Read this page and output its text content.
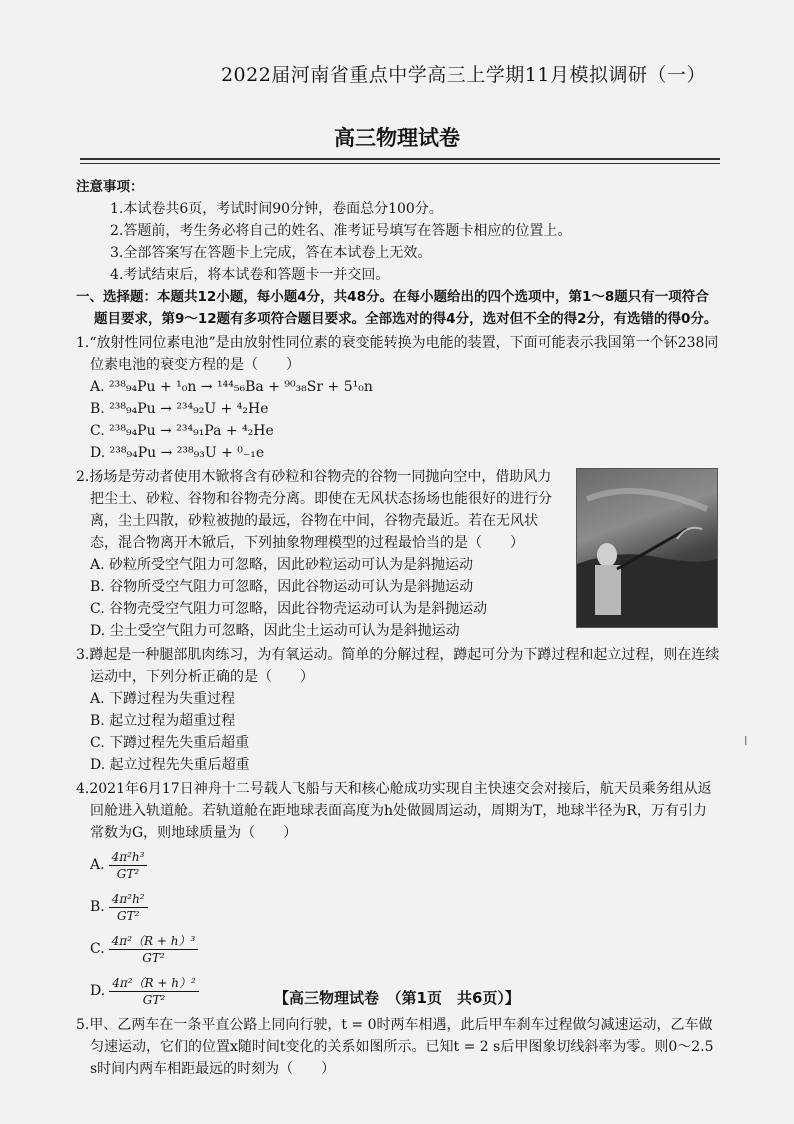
2022届河南省重点中学高三上学期11月模拟调研（一）
高三物理试卷
注意事项：
1.本试卷共6页，考试时间90分钟，卷面总分100分。
2.答题前，考生务必将自己的姓名、准考证号填写在答题卡相应的位置上。
3.全部答案写在答题卡上完成，答在本试卷上无效。
4.考试结束后，将本试卷和答题卡一并交回。
一、选择题：本题共12小题，每小题4分，共48分。在每小题给出的四个选项中，第1～8题只有一项符合题目要求，第9～12题有多项符合题目要求。全部选对的得4分，选对但不全的得2分，有选错的得0分。
1.“放射性同位素电池”是由放射性同位素的衰变能转换为电能的装置，下面可能表示我国第一个钚238同位素电池的衰变方程的是（　　）
A. ²³⁸₉₄Pu + ¹₀n → ¹⁴⁴₅₆Ba + ⁹⁰₃₈Sr + 5¹₀n
B. ²³⁸₉₄Pu → ²³⁴₉₂U + ⁴₂He
C. ²³⁸₉₄Pu → ²³⁴₉₁Pa + ⁴₂He
D. ²³⁸₉₄Pu → ²³⁸₉₃U + ⁰₋₁e
2.扬场是劳动者使用木锨将含有砂粒和谷物壳的谷物一同抛向空中，借助风力把尘土、砂粒、谷物和谷物壳分离。即使在无风状态扬场也能很好的进行分离，尘土四散，砂粒被抛的最远，谷物在中间，谷物壳最近。若在无风状态，混合物离开木锨后，下列抽象物理模型的过程最恰当的是（　　）
A. 砂粒所受空气阻力可忽略，因此砂粒运动可认为是斜抛运动
B. 谷物所受空气阻力可忽略，因此谷物运动可认为是斜抛运动
C. 谷物壳受空气阻力可忽略，因此谷物壳运动可认为是斜抛运动
D. 尘土受空气阻力可忽略，因此尘土运动可认为是斜抛运动
3.蹲起是一种腿部肌肉练习，为有氧运动。简单的分解过程，蹲起可分为下蹲过程和起立过程，则在连续运动中，下列分析正确的是（　　）
A. 下蹲过程为失重过程
B. 起立过程为超重过程
C. 下蹲过程先失重后超重
D. 起立过程先失重后超重
4.2021年6月17日神舟十二号载人飞船与天和核心舱成功实现自主快速交会对接后，航天员乘务组从返回舱进入轨道舱。若轨道舱在距地球表面高度为h处做圆周运动，周期为T，地球半径为R，万有引力常数为G，则地球质量为（　　）
A. $\frac{\text{4π²h³}}{\text{GT²}}$
B. $\frac{\text{4π²h²}}{\text{GT²}}$
C. $\frac{\text{4π²（R + h）³}}{\text{GT²}}$
D. $\frac{\text{4π²（R + h）²}}{\text{GT²}}$
5.甲、乙两车在一条平直公路上同向行驶，t = 0时两车相遇，此后甲车刹车过程做匀减速运动，乙车做匀速运动，它们的位置x随时间t变化的关系如图所示。已知t = 2 s后甲图象切线斜率为零。则0～2.5 s时间内两车相距最远的时刻为（　　）
【高三物理试卷　（第1页　共6页）】
ǀ
